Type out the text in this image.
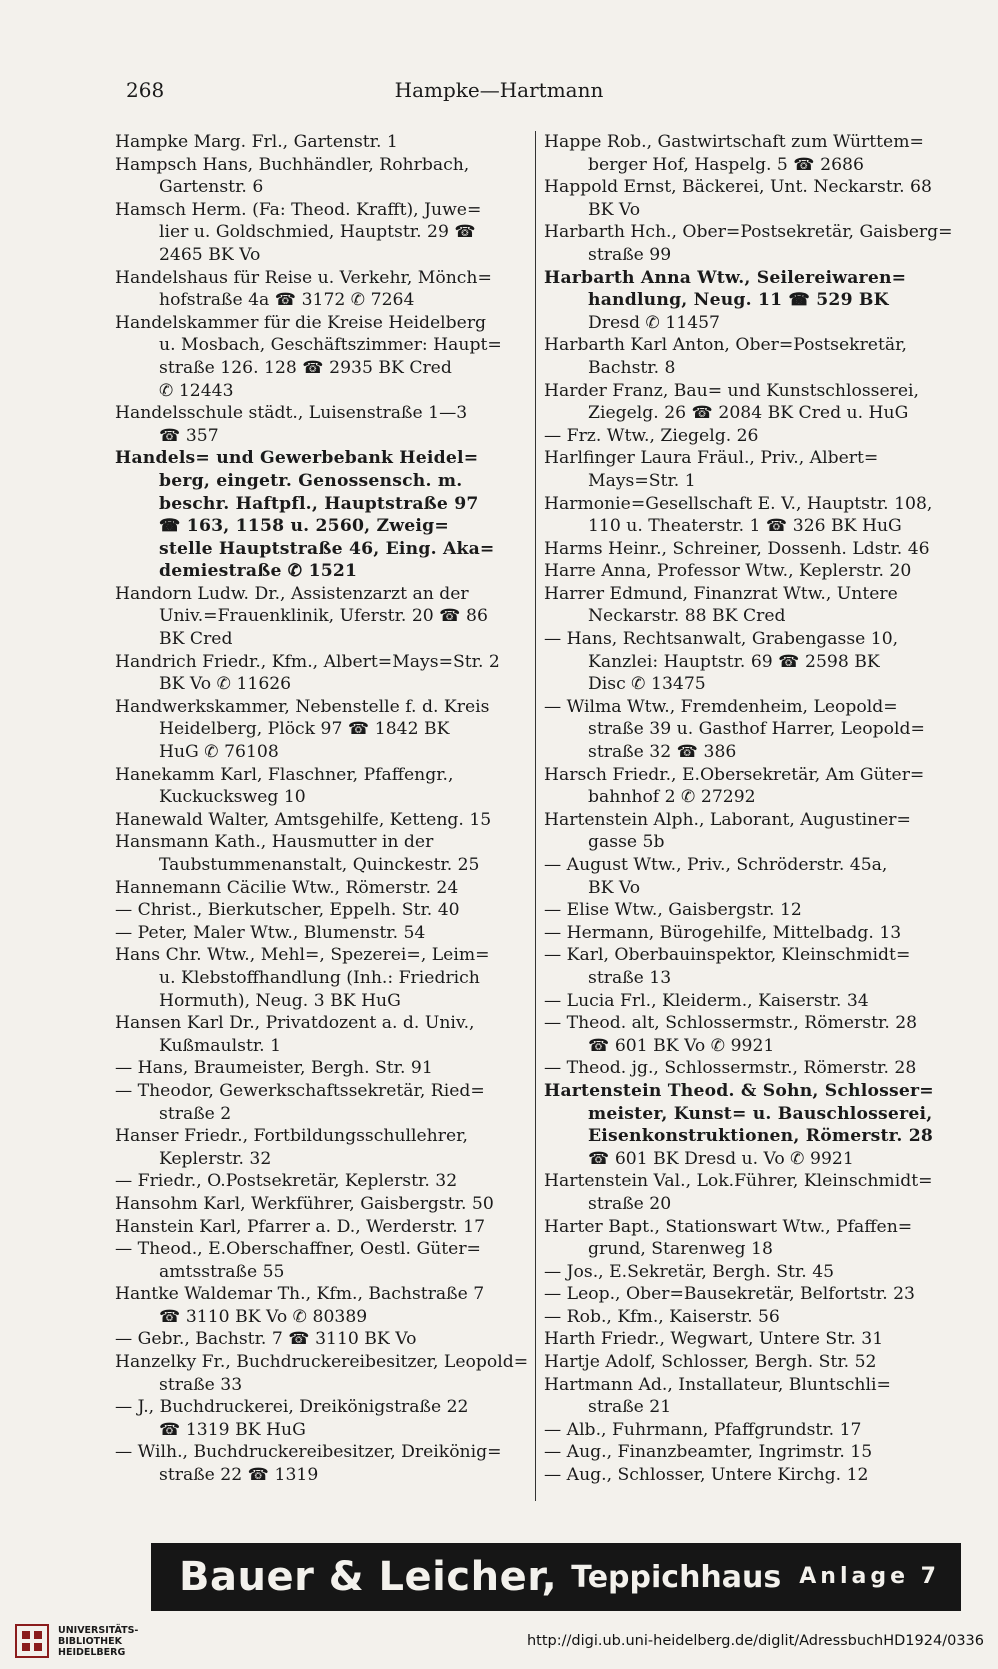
268	Hampke—Hartmann
Hampke Marg. Frl., Gartenstr. 1
Hampsch Hans, Buchhändler, Rohrbach,
Gartenstr. 6
Hamsch Herm. (Fa: Theod. Krafft), Juwe=
lier u. Goldschmied, Hauptstr. 29 ☎
2465 BK Vo
Handelshaus für Reise u. Verkehr, Mönch=
hofstraße 4a ☎ 3172 ✆ 7264
Handelskammer für die Kreise Heidelberg
u. Mosbach, Geschäftszimmer: Haupt=
straße 126. 128 ☎ 2935 BK Cred
✆ 12443
Handelsschule städt., Luisenstraße 1—3
☎ 357
Handels= und Gewerbebank Heidel=
berg, eingetr. Genossensch. m.
beschr. Haftpfl., Hauptstraße 97
☎ 163, 1158 u. 2560, Zweig=
stelle Hauptstraße 46, Eing. Aka=
demiestraße ✆ 1521
Handorn Ludw. Dr., Assistenzarzt an der
Univ.=Frauenklinik, Uferstr. 20 ☎ 86
BK Cred
Handrich Friedr., Kfm., Albert=Mays=Str. 2
BK Vo ✆ 11626
Handwerkskammer, Nebenstelle f. d. Kreis
Heidelberg, Plöck 97 ☎ 1842 BK
HuG ✆ 76108
Hanekamm Karl, Flaschner, Pfaffengr.,
Kuckucksweg 10
Hanewald Walter, Amtsgehilfe, Ketteng. 15
Hansmann Kath., Hausmutter in der
Taubstummenanstalt, Quinckestr. 25
Hannemann Cäcilie Wtw., Römerstr. 24
— Christ., Bierkutscher, Eppelh. Str. 40
— Peter, Maler Wtw., Blumenstr. 54
Hans Chr. Wtw., Mehl=, Spezerei=, Leim=
u. Klebstoffhandlung (Inh.: Friedrich
Hormuth), Neug. 3 BK HuG
Hansen Karl Dr., Privatdozent a. d. Univ.,
Kußmaulstr. 1
— Hans, Braumeister, Bergh. Str. 91
— Theodor, Gewerkschaftssekretär, Ried=
straße 2
Hanser Friedr., Fortbildungsschullehrer,
Keplerstr. 32
— Friedr., O.Postsekretär, Keplerstr. 32
Hansohm Karl, Werkführer, Gaisbergstr. 50
Hanstein Karl, Pfarrer a. D., Werderstr. 17
— Theod., E.Oberschaffner, Oestl. Güter=
amtsstraße 55
Hantke Waldemar Th., Kfm., Bachstraße 7
☎ 3110 BK Vo ✆ 80389
— Gebr., Bachstr. 7 ☎ 3110 BK Vo
Hanzelky Fr., Buchdruckereibesitzer, Leopold=
straße 33
— J., Buchdruckerei, Dreikönigstraße 22
☎ 1319 BK HuG
— Wilh., Buchdruckereibesitzer, Dreikönig=
straße 22 ☎ 1319
Happe Rob., Gastwirtschaft zum Württem=
berger Hof, Haspelg. 5 ☎ 2686
Happold Ernst, Bäckerei, Unt. Neckarstr. 68
BK Vo
Harbarth Hch., Ober=Postsekretär, Gaisberg=
straße 99
Harbarth Anna Wtw., Seilereiwaren=
handlung, Neug. 11 ☎ 529 BK
Dresd ✆ 11457
Harbarth Karl Anton, Ober=Postsekretär,
Bachstr. 8
Harder Franz, Bau= und Kunstschlosserei,
Ziegelg. 26 ☎ 2084 BK Cred u. HuG
— Frz. Wtw., Ziegelg. 26
Harlfinger Laura Fräul., Priv., Albert=
Mays=Str. 1
Harmonie=Gesellschaft E. V., Hauptstr. 108,
110 u. Theaterstr. 1 ☎ 326 BK HuG
Harms Heinr., Schreiner, Dossenh. Ldstr. 46
Harre Anna, Professor Wtw., Keplerstr. 20
Harrer Edmund, Finanzrat Wtw., Untere
Neckarstr. 88 BK Cred
— Hans, Rechtsanwalt, Grabengasse 10,
Kanzlei: Hauptstr. 69 ☎ 2598 BK
Disc ✆ 13475
— Wilma Wtw., Fremdenheim, Leopold=
straße 39 u. Gasthof Harrer, Leopold=
straße 32 ☎ 386
Harsch Friedr., E.Obersekretär, Am Güter=
bahnhof 2 ✆ 27292
Hartenstein Alph., Laborant, Augustiner=
gasse 5b
— August Wtw., Priv., Schröderstr. 45a,
BK Vo
— Elise Wtw., Gaisbergstr. 12
— Hermann, Bürogehilfe, Mittelbadg. 13
— Karl, Oberbauinspektor, Kleinschmidt=
straße 13
— Lucia Frl., Kleiderm., Kaiserstr. 34
— Theod. alt, Schlossermstr., Römerstr. 28
☎ 601 BK Vo ✆ 9921
— Theod. jg., Schlossermstr., Römerstr. 28
Hartenstein Theod. & Sohn, Schlosser=
meister, Kunst= u. Bauschlosserei,
Eisenkonstruktionen, Römerstr. 28
☎ 601 BK Dresd u. Vo ✆ 9921
Hartenstein Val., Lok.Führer, Kleinschmidt=
straße 20
Harter Bapt., Stationswart Wtw., Pfaffen=
grund, Starenweg 18
— Jos., E.Sekretär, Bergh. Str. 45
— Leop., Ober=Bausekretär, Belfortstr. 23
— Rob., Kfm., Kaiserstr. 56
Harth Friedr., Wegwart, Untere Str. 31
Hartje Adolf, Schlosser, Bergh. Str. 52
Hartmann Ad., Installateur, Bluntschli=
straße 21
— Alb., Fuhrmann, Pfaffgrundstr. 17
— Aug., Finanzbeamter, Ingrimstr. 15
— Aug., Schlosser, Untere Kirchg. 12
Bauer & Leicher, Teppichhaus Anlage 7
UNIVERSITÄTS-
BIBLIOTHEK
HEIDELBERG
http://digi.ub.uni-heidelberg.de/diglit/AdressbuchHD1924/0336
